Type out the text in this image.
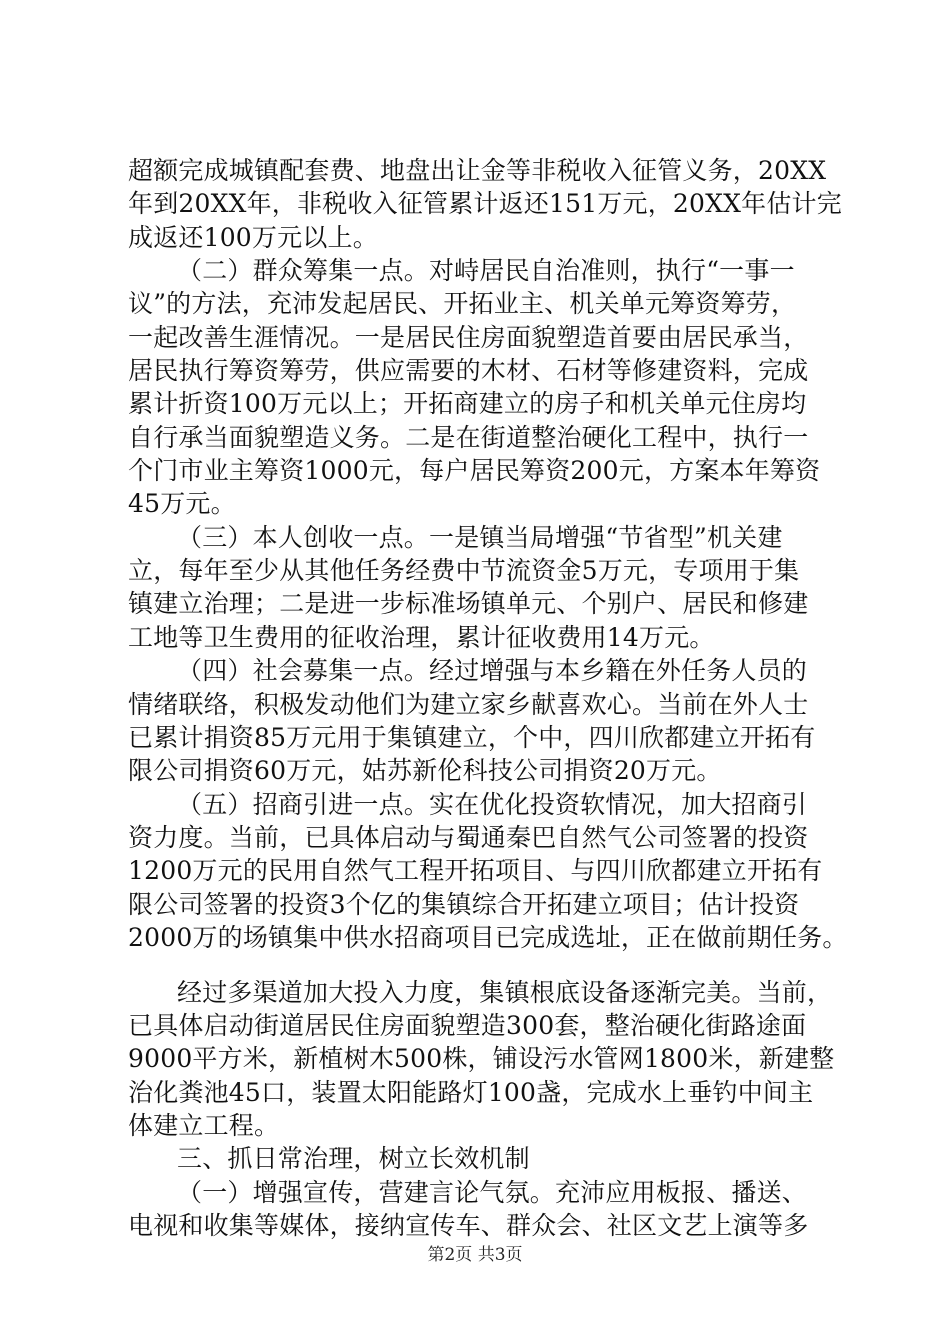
超额完成城镇配套费、地盘出让金等非税收入征管义务，20XX
年到20XX年，非税收入征管累计返还151万元，20XX年估计完
成返还100万元以上。
（二）群众筹集一点。对峙居民自治准则，执行“一事一
议”的方法，充沛发起居民、开拓业主、机关单元筹资筹劳，
一起改善生涯情况。一是居民住房面貌塑造首要由居民承当，
居民执行筹资筹劳，供应需要的木材、石材等修建资料，完成
累计折资100万元以上；开拓商建立的房子和机关单元住房均
自行承当面貌塑造义务。二是在街道整治硬化工程中，执行一
个门市业主筹资1000元，每户居民筹资200元，方案本年筹资
45万元。
（三）本人创收一点。一是镇当局增强“节省型”机关建
立，每年至少从其他任务经费中节流资金5万元，专项用于集
镇建立治理；二是进一步标准场镇单元、个别户、居民和修建
工地等卫生费用的征收治理，累计征收费用14万元。
（四）社会募集一点。经过增强与本乡籍在外任务人员的
情绪联络，积极发动他们为建立家乡献喜欢心。当前在外人士
已累计捐资85万元用于集镇建立，个中，四川欣都建立开拓有
限公司捐资60万元，姑苏新伦科技公司捐资20万元。
（五）招商引进一点。实在优化投资软情况，加大招商引
资力度。当前，已具体启动与蜀通秦巴自然气公司签署的投资
1200万元的民用自然气工程开拓项目、与四川欣都建立开拓有
限公司签署的投资3个亿的集镇综合开拓建立项目；估计投资
2000万的场镇集中供水招商项目已完成选址，正在做前期任务。
经过多渠道加大投入力度，集镇根底设备逐渐完美。当前，
已具体启动街道居民住房面貌塑造300套，整治硬化街路途面
9000平方米，新植树木500株，铺设污水管网1800米，新建整
治化粪池45口，装置太阳能路灯100盏，完成水上垂钓中间主
体建立工程。
三、抓日常治理，树立长效机制
（一）增强宣传，营建言论气氛。充沛应用板报、播送、
电视和收集等媒体，接纳宣传车、群众会、社区文艺上演等多
第2页 共3页
